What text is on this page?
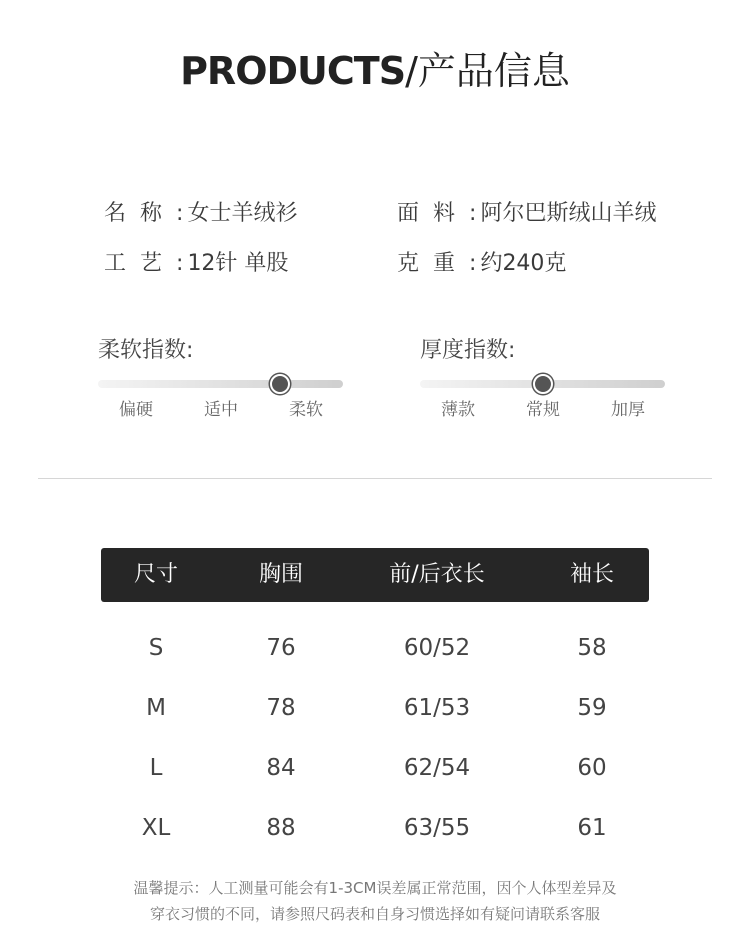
PRODUCTS/产品信息
名称: 女士羊绒衫	面料: 阿尔巴斯绒山羊绒
工艺: 12针 单股	克重: 约240克
柔软指数:
偏硬	适中	柔软
厚度指数:
薄款	常规	加厚
尺寸	胸围	前/后衣长	袖长
S	76	60/52	58
M	78	61/53	59
L	84	62/54	60
XL	88	63/55	61
温馨提示：人工测量可能会有1-3CM误差属正常范围，因个人体型差异及
穿衣习惯的不同，请参照尺码表和自身习惯选择如有疑问请联系客服
